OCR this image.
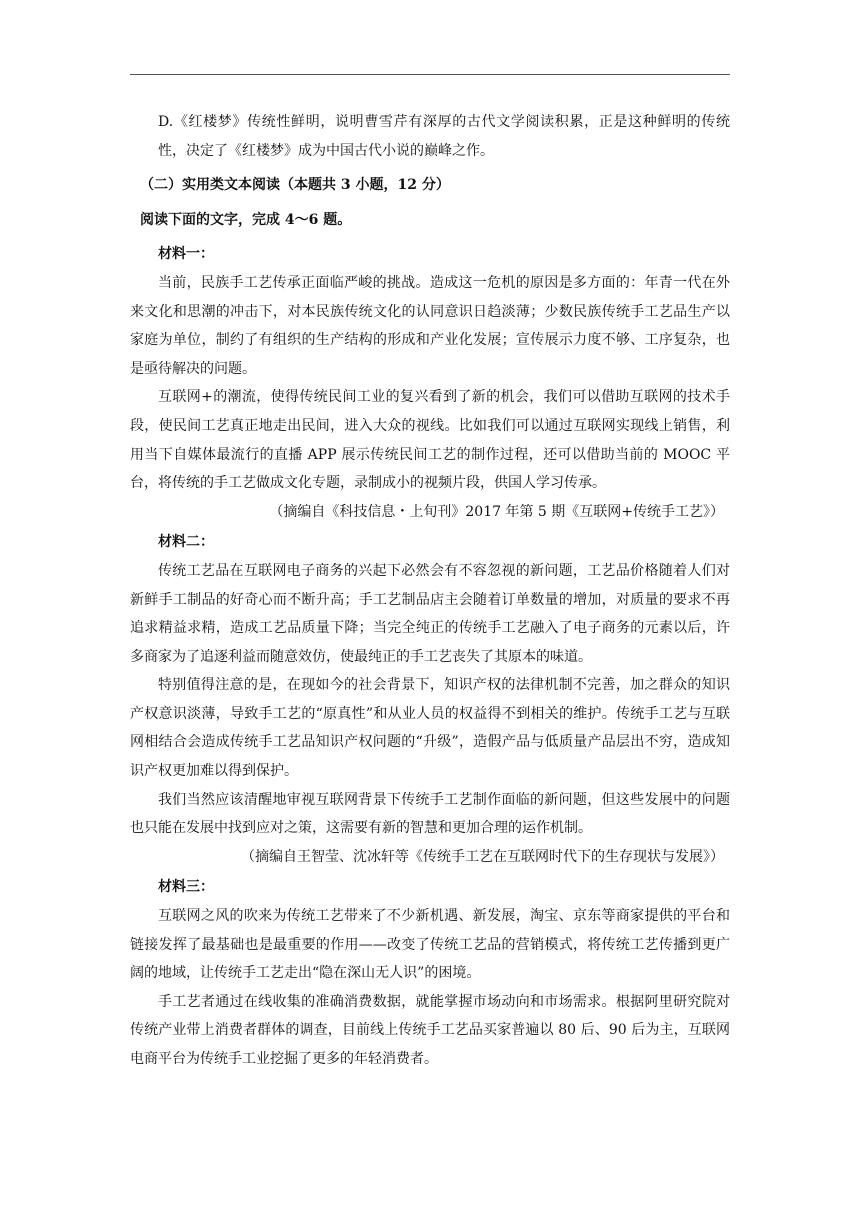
D.《红楼梦》传统性鲜明，说明曹雪芹有深厚的古代文学阅读积累，正是这种鲜明的传统性，决定了《红楼梦》成为中国古代小说的巅峰之作。

（二）实用类文本阅读（本题共 3 小题，12 分）

阅读下面的文字，完成 4～6 题。

材料一：

当前，民族手工艺传承正面临严峻的挑战。造成这一危机的原因是多方面的：年青一代在外来文化和思潮的冲击下，对本民族传统文化的认同意识日趋淡薄；少数民族传统手工艺品生产以家庭为单位，制约了有组织的生产结构的形成和产业化发展；宣传展示力度不够、工序复杂，也是亟待解决的问题。

互联网+的潮流，使得传统民间工业的复兴看到了新的机会，我们可以借助互联网的技术手段，使民间工艺真正地走出民间，进入大众的视线。比如我们可以通过互联网实现线上销售，利用当下自媒体最流行的直播 APP 展示传统民间工艺的制作过程，还可以借助当前的 MOOC 平台，将传统的手工艺做成文化专题，录制成小的视频片段，供国人学习传承。

（摘编自《科技信息・上旬刊》2017 年第 5 期《互联网+传统手工艺》）

材料二：

传统工艺品在互联网电子商务的兴起下必然会有不容忽视的新问题，工艺品价格随着人们对新鲜手工制品的好奇心而不断升高；手工艺制品店主会随着订单数量的增加，对质量的要求不再追求精益求精，造成工艺品质量下降；当完全纯正的传统手工艺融入了电子商务的元素以后，许多商家为了追逐利益而随意效仿，使最纯正的手工艺丧失了其原本的味道。

特别值得注意的是，在现如今的社会背景下，知识产权的法律机制不完善，加之群众的知识产权意识淡薄，导致手工艺的“原真性”和从业人员的权益得不到相关的维护。传统手工艺与互联网相结合会造成传统手工艺品知识产权问题的“升级”，造假产品与低质量产品层出不穷，造成知识产权更加难以得到保护。

我们当然应该清醒地审视互联网背景下传统手工艺制作面临的新问题，但这些发展中的问题也只能在发展中找到应对之策，这需要有新的智慧和更加合理的运作机制。

（摘编自王智莹、沈冰轩等《传统手工艺在互联网时代下的生存现状与发展》）

材料三：

互联网之风的吹来为传统工艺带来了不少新机遇、新发展，淘宝、京东等商家提供的平台和链接发挥了最基础也是最重要的作用——改变了传统工艺品的营销模式，将传统工艺传播到更广阔的地域，让传统手工艺走出“隐在深山无人识”的困境。

手工艺者通过在线收集的准确消费数据，就能掌握市场动向和市场需求。根据阿里研究院对传统产业带上消费者群体的调查，目前线上传统手工艺品买家普遍以 80 后、90 后为主，互联网电商平台为传统手工业挖掘了更多的年轻消费者。
